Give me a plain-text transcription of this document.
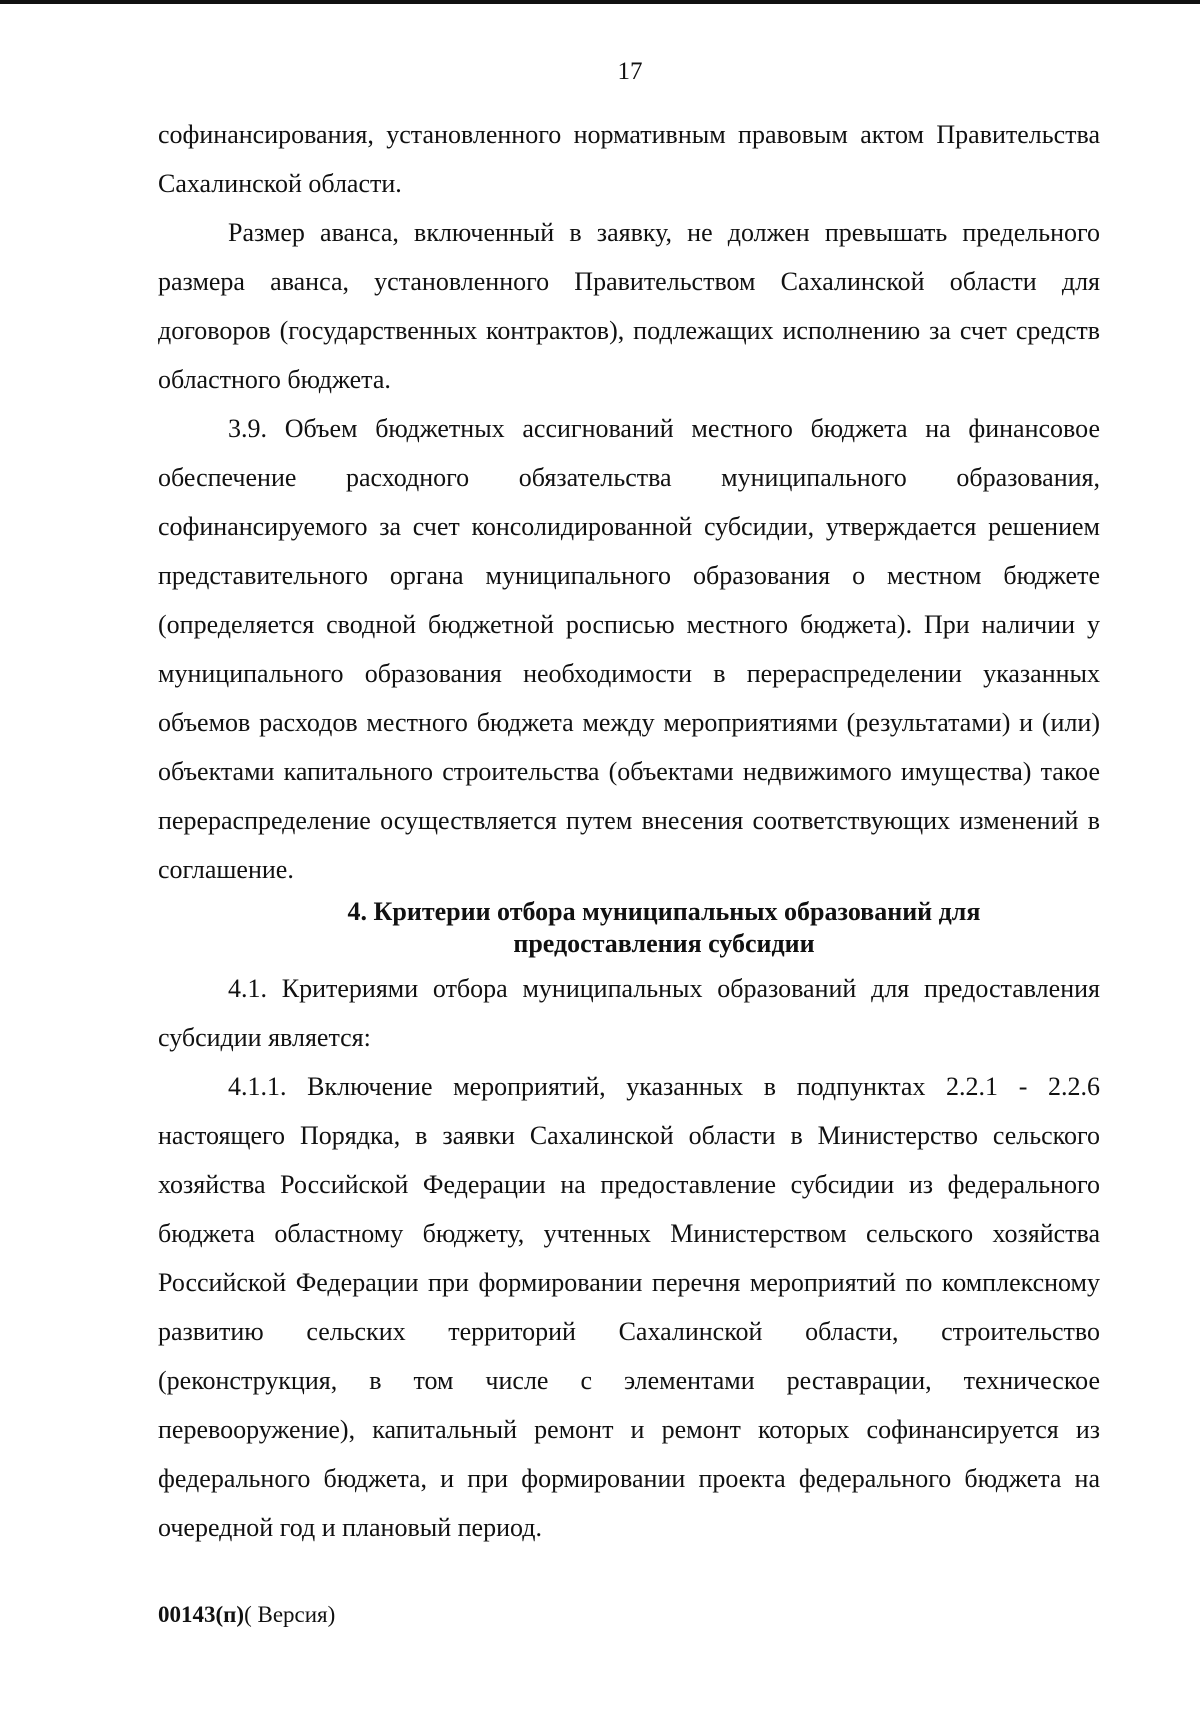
17

софинансирования, установленного нормативным правовым актом Правительства Сахалинской области.

Размер аванса, включенный в заявку, не должен превышать предельного размера аванса, установленного Правительством Сахалинской области для договоров (государственных контрактов), подлежащих исполнению за счет средств областного бюджета.

3.9. Объем бюджетных ассигнований местного бюджета на финансовое обеспечение расходного обязательства муниципального образования, софинансируемого за счет консолидированной субсидии, утверждается решением представительного органа муниципального образования о местном бюджете (определяется сводной бюджетной росписью местного бюджета). При наличии у муниципального образования необходимости в перераспределении указанных объемов расходов местного бюджета между мероприятиями (результатами) и (или) объектами капитального строительства (объектами недвижимого имущества) такое перераспределение осуществляется путем внесения соответствующих изменений в соглашение.

4. Критерии отбора муниципальных образований для
предоставления субсидии

4.1. Критериями отбора муниципальных образований для предоставления субсидии является:

4.1.1. Включение мероприятий, указанных в подпунктах 2.2.1 - 2.2.6 настоящего Порядка, в заявки Сахалинской области в Министерство сельского хозяйства Российской Федерации на предоставление субсидии из федерального бюджета областному бюджету, учтенных Министерством сельского хозяйства Российской Федерации при формировании перечня мероприятий по комплексному развитию сельских территорий Сахалинской области, строительство (реконструкция, в том числе с элементами реставрации, техническое перевооружение), капитальный ремонт и ремонт которых софинансируется из федерального бюджета, и при формировании проекта федерального бюджета на очередной год и плановый период.

00143(п)( Версия)
